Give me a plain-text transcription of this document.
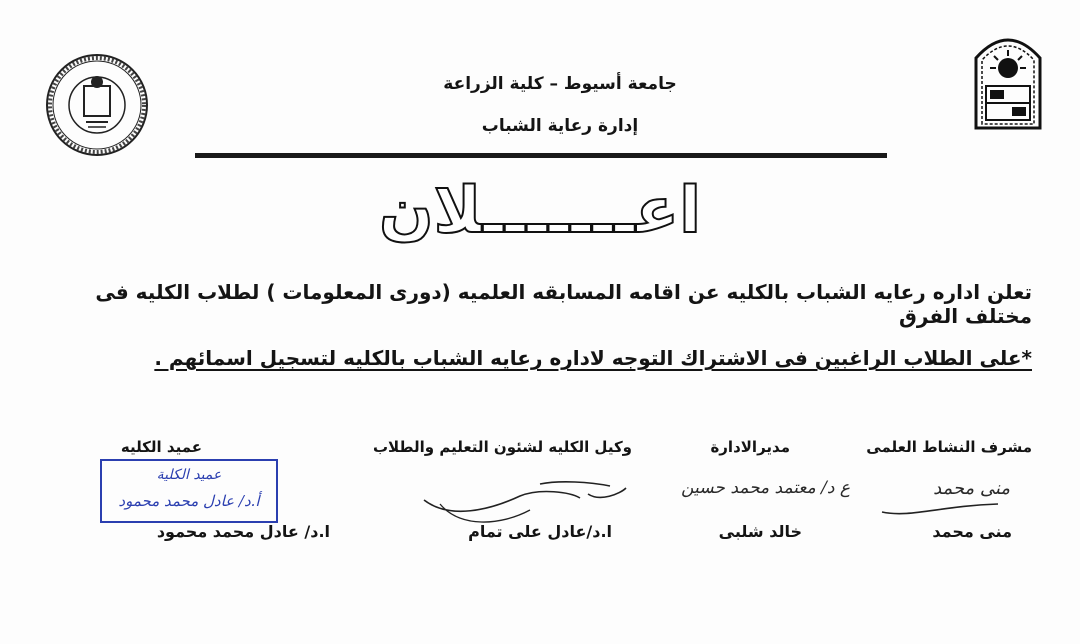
جامعة أسيوط – كلية الزراعة
إدارة رعاية الشباب
اعـــــــلان
تعلن اداره رعايه الشباب بالكليه عن اقامه المسابقه العلميه (دورى المعلومات ) لطلاب الكليه فى مختلف الفرق
*على الطلاب الراغبين فى الاشتراك التوجه لاداره رعايه الشباب بالكليه لتسجيل اسمائهم .
مشرف النشاط العلمى
مديرالادارة
وكيل الكليه لشئون التعليم والطلاب
عميد الكليه
منى محمد
ع د/ معتمد محمد حسين
عميد الكلية
أ.د/ عادل محمد محمود
منى محمد
خالد شلبى
ا.د/عادل على تمام
ا.د/ عادل محمد محمود
